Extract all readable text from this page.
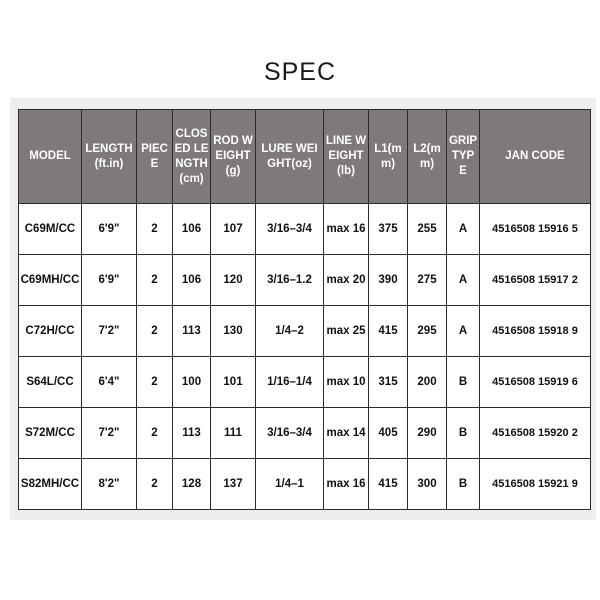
SPEC
MODEL	LENGTH(ft.in)	PIECE	CLOSED LENGTH (cm)	ROD WEIGHT(g)	LURE WEIGHT(oz)	LINE WEIGHT(lb)	L1(mm)	L2(mm)	GRIP TYPE	JAN CODE
C69M/CC	6'9"	2	106	107	3/16–3/4	max 16	375	255	A	4516508 15916 5
C69MH/CC	6'9"	2	106	120	3/16–1.2	max 20	390	275	A	4516508 15917 2
C72H/CC	7'2"	2	113	130	1/4–2	max 25	415	295	A	4516508 15918 9
S64L/CC	6'4"	2	100	101	1/16–1/4	max 10	315	200	B	4516508 15919 6
S72M/CC	7'2"	2	113	111	3/16–3/4	max 14	405	290	B	4516508 15920 2
S82MH/CC	8'2"	2	128	137	1/4–1	max 16	415	300	B	4516508 15921 9
